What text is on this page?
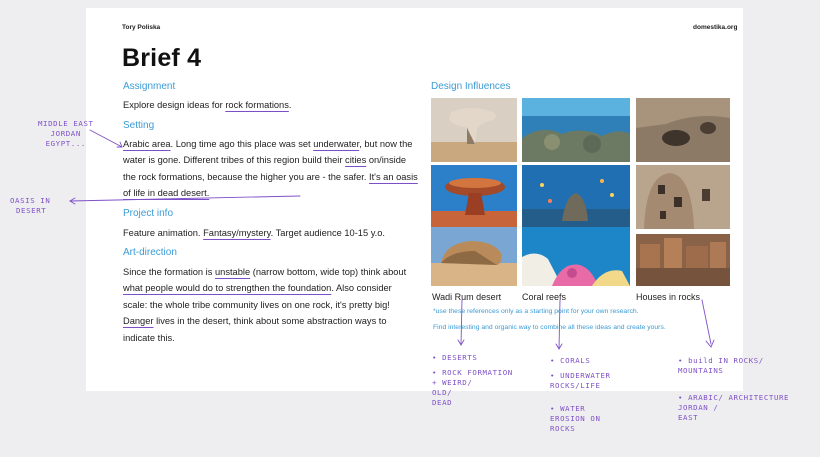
Tory Poliska	domestika.org
Brief 4
Assignment
Explore design ideas for rock formations.
Setting
Arabic area. Long time ago this place was set underwater, but now the water is gone. Different tribes of this region build their cities on/inside the rock formations, because the higher you are - the safer. It's an oasis of life in dead desert.
Project info
Feature animation. Fantasy/mystery. Target audience 10-15 y.o.
Art-direction
Since the formation is unstable (narrow bottom, wide top) think about what people would do to strengthen the foundation. Also consider scale: the whole tribe community lives on one rock, it's pretty big! Danger lives in the desert, think about some abstraction ways to indicate this.
Design Influences
Wadi Rum desert Coral reefs	Houses in rocks
*use these references only as a starting point for your own research.
Find interesting and organic way to combine all these ideas and create yours.
MIDDLE EAST
JORDAN
EGYPT...
OASIS IN
DESERT
• DESERTS
• ROCK FORMATION
+ WEIRD/
OLD/
DEAD
• CORALS
• UNDERWATER
ROCKS/LIFE
• WATER
EROSION ON
ROCKS
• build IN ROCKS/
MOUNTAINS
• ARABIC/ ARCHITECTURE
JORDAN /
EAST
